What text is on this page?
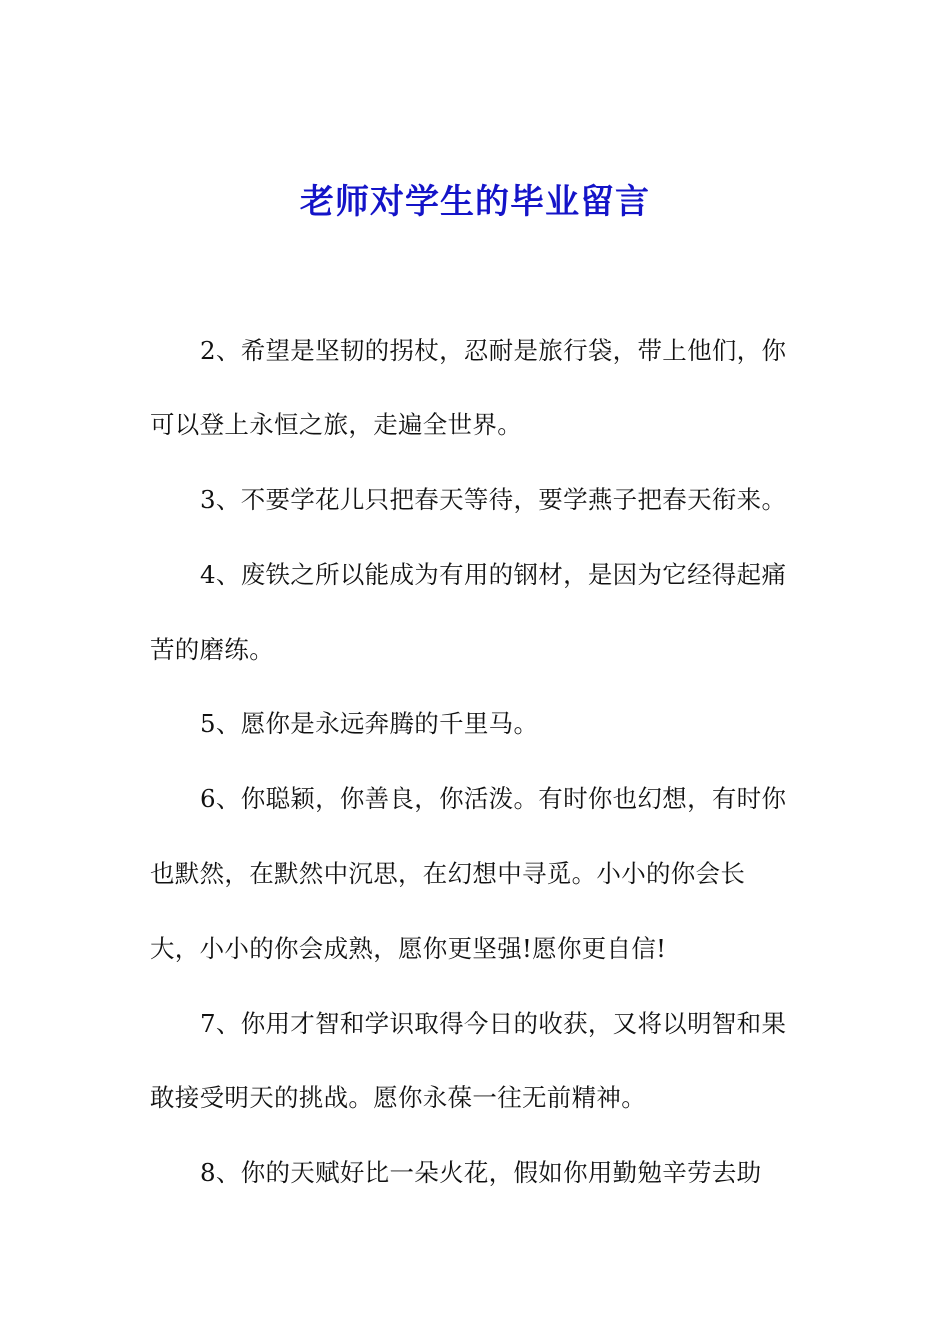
老师对学生的毕业留言

2、希望是坚韧的拐杖，忍耐是旅行袋，带上他们，你

可以登上永恒之旅，走遍全世界。

3、不要学花儿只把春天等待，要学燕子把春天衔来。

4、废铁之所以能成为有用的钢材，是因为它经得起痛

苦的磨练。

5、愿你是永远奔腾的千里马。

6、你聪颖，你善良，你活泼。有时你也幻想，有时你

也默然，在默然中沉思，在幻想中寻觅。小小的你会长

大，小小的你会成熟，愿你更坚强!愿你更自信!

7、你用才智和学识取得今日的收获，又将以明智和果

敢接受明天的挑战。愿你永葆一往无前精神。

8、你的天赋好比一朵火花，假如你用勤勉辛劳去助
